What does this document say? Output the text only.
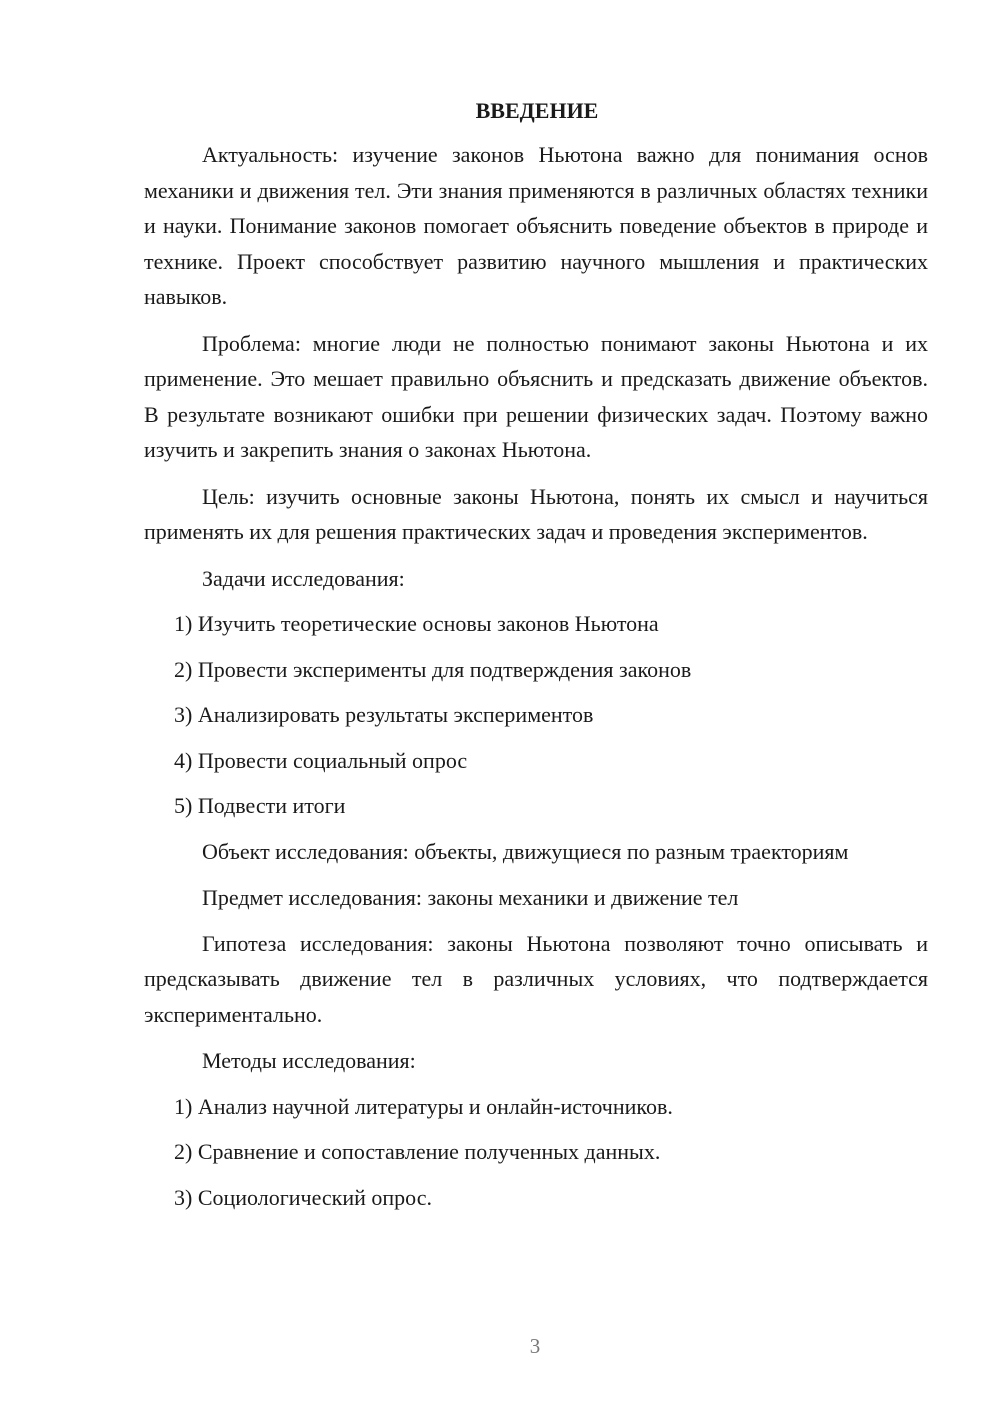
ВВЕДЕНИЕ

Актуальность: изучение законов Ньютона важно для понимания основ механики и движения тел. Эти знания применяются в различных областях техники и науки. Понимание законов помогает объяснить поведение объектов в природе и технике. Проект способствует развитию научного мышления и практических навыков.

Проблема: многие люди не полностью понимают законы Ньютона и их применение. Это мешает правильно объяснить и предсказать движение объектов. В результате возникают ошибки при решении физических задач. Поэтому важно изучить и закрепить знания о законах Ньютона.

Цель: изучить основные законы Ньютона, понять их смысл и научиться применять их для решения практических задач и проведения экспериментов.

Задачи исследования:

1) Изучить теоретические основы законов Ньютона
2) Провести эксперименты для подтверждения законов
3) Анализировать результаты экспериментов
4) Провести социальный опрос
5) Подвести итоги

Объект исследования: объекты, движущиеся по разным траекториям

Предмет исследования: законы механики и движение тел

Гипотеза исследования: законы Ньютона позволяют точно описывать и предсказывать движение тел в различных условиях, что подтверждается экспериментально.

Методы исследования:

1) Анализ научной литературы и онлайн-источников.
2) Сравнение и сопоставление полученных данных.
3) Социологический опрос.
3
